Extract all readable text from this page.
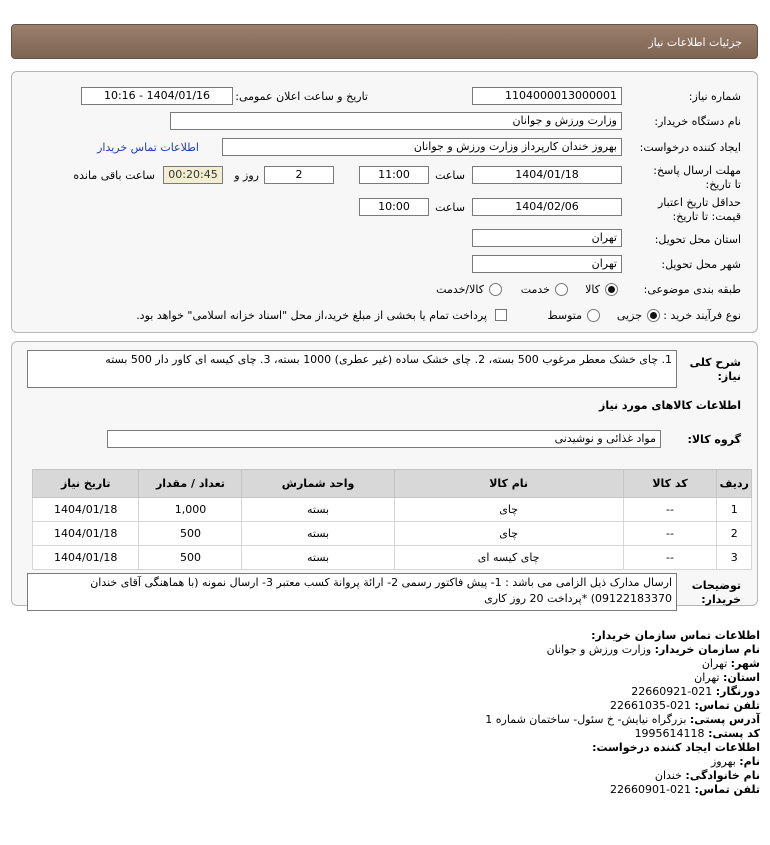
جزئیات اطلاعات نیاز
شماره نیاز:
1104000013000001
تاریخ و ساعت اعلان عمومی:
1404/01/16 - 10:16
نام دستگاه خریدار:
وزارت ورزش و جوانان
ایجاد کننده درخواست:
بهروز خندان کارپرداز وزارت ورزش و جوانان
اطلاعات تماس خریدار
مهلت ارسال پاسخ: تا تاریخ:
1404/01/18
ساعت
11:00
2
روز و
00:20:45
ساعت باقی مانده
حداقل تاریخ اعتبار قیمت: تا تاریخ:
1404/02/06
ساعت
10:00
استان محل تحویل:
تهران
شهر محل تحویل:
تهران
طبقه بندی موضوعی:
کالا
خدمت
کالا/خدمت
نوع فرآیند خرید :
جزیی
متوسط
پرداخت تمام یا بخشی از مبلغ خرید،از محل "اسناد خزانه اسلامی" خواهد بود.
شرح کلی نیاز:
1. چای خشک معطر مرغوب 500 بسته، 2. چای خشک ساده (غیر عطری) 1000 بسته، 3. چای کیسه ای کاور دار 500 بسته
اطلاعات کالاهای مورد نیاز
گروه کالا:
مواد غذائی و نوشیدنی
ردیف	کد کالا	نام کالا	واحد شمارش	تعداد / مقدار	تاریخ نیاز
1	--	چای	بسته	1,000	1404/01/18
2	--	چای	بسته	500	1404/01/18
3	--	چای کیسه ای	بسته	500	1404/01/18
توضیحات خریدار:
ارسال مدارک ذیل الزامی می باشد : 1- پیش فاکتور رسمی 2- ارائة پروانة کسب معتبر 3- ارسال نمونه (با هماهنگی آقای خندان 09122183370) *پرداخت 20 روز کاری
اطلاعات تماس سازمان خریدار:
نام سازمان خریدار: وزارت ورزش و جوانان
شهر: تهران
استان: تهران
دورنگار: 021-22660921
تلفن تماس: 021-22661035
آدرس پستی: بزرگراه نیایش- خ سئول- ساختمان شماره 1
کد پستی: 1995614118
اطلاعات ایجاد کننده درخواست:
نام: بهروز
نام خانوادگی: خندان
تلفن تماس: 021-22660901
